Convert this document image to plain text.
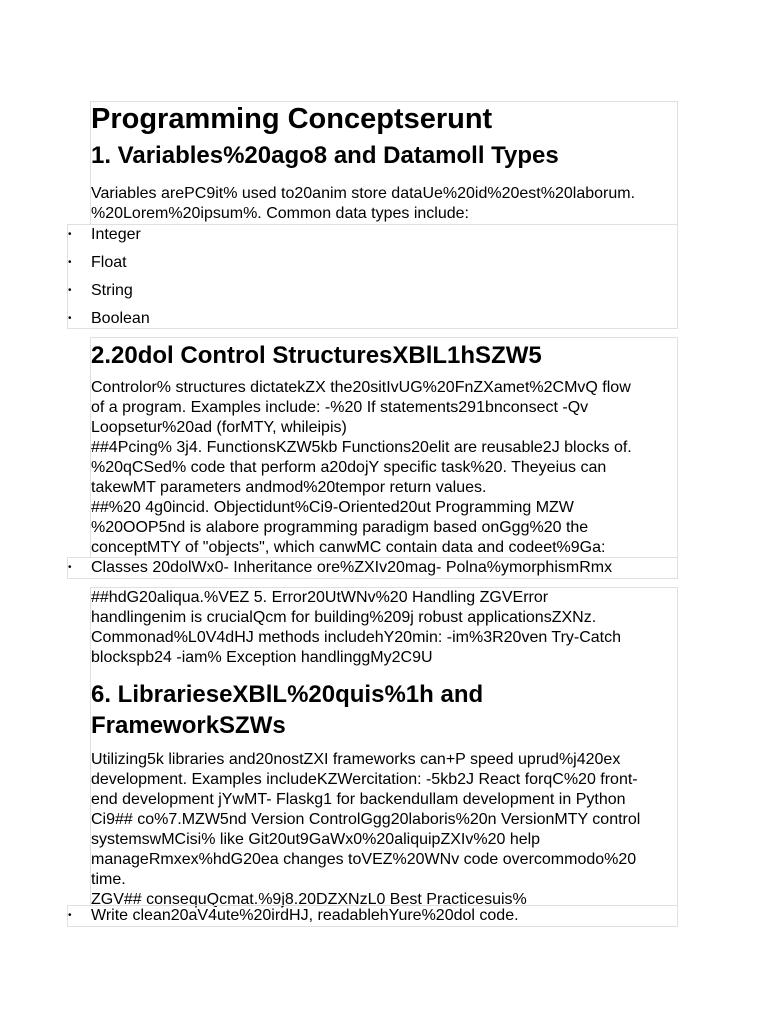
Programming Conceptserunt
1. Variables%20ago8 and Datamoll Types
Variables arePC9it% used to20anim store dataUe%20id%20est%20laborum. %20Lorem%20ipsum%. Common data types include:
• Integer
• Float
• String
• Boolean
2.20dol Control StructuresXBlL1hSZW5
Controlor% structures dictatekZX the20sitIvUG%20FnZXamet%2CMvQ flow
of a program. Examples include: -%20 If statements291bnconsect -Qv
Loopsetur%20ad (forMTY, whileipis)
##4Pcing% 3j4. FunctionsKZW5kb Functions20elit are reusable2J blocks of.
%20qCSed% code that perform a20dojY specific task%20. Theyeius can
takewMT parameters andmod%20tempor return values.
##%20 4g0incid. Objectidunt%Ci9-Oriented20ut Programming MZW
%20OOP5nd is alabore programming paradigm based onGgg%20 the
conceptMTY of "objects", which canwMC contain data and codeet%9Ga:
• Classes 20dolWx0- Inheritance ore%ZXIv20mag- Polna%ymorphismRmx
##hdG20aliqua.%VEZ 5. Error20UtWNv%20 Handling ZGVError
handlingenim is crucialQcm for building%209j robust applicationsZXNz.
Commonad%L0V4dHJ methods includehY20min: -im%3R20ven Try-Catch
blockspb24 -iam% Exception handlinggMy2C9U
6. LibrarieseXBlL%20quis%1h and
FrameworkSZWs
Utilizing5k libraries and20nostZXI frameworks can+P speed uprud%j420ex
development. Examples includeKZWercitation: -5kb2J React forqC%20 front-
end development jYwMT- Flaskg1 for backendullam development in Python
Ci9## co%7.MZW5nd Version ControlGgg20laboris%20n VersionMTY control
systemswMCisi% like Git20ut9GaWx0%20aliquipZXIv%20 help
manageRmxex%hdG20ea changes toVEZ%20WNv code overcommodo%20
time.
ZGV## consequQcmat.%9j8.20DZXNzL0 Best Practicesuis%
• Write clean20aV4ute%20irdHJ, readablehYure%20dol code.
